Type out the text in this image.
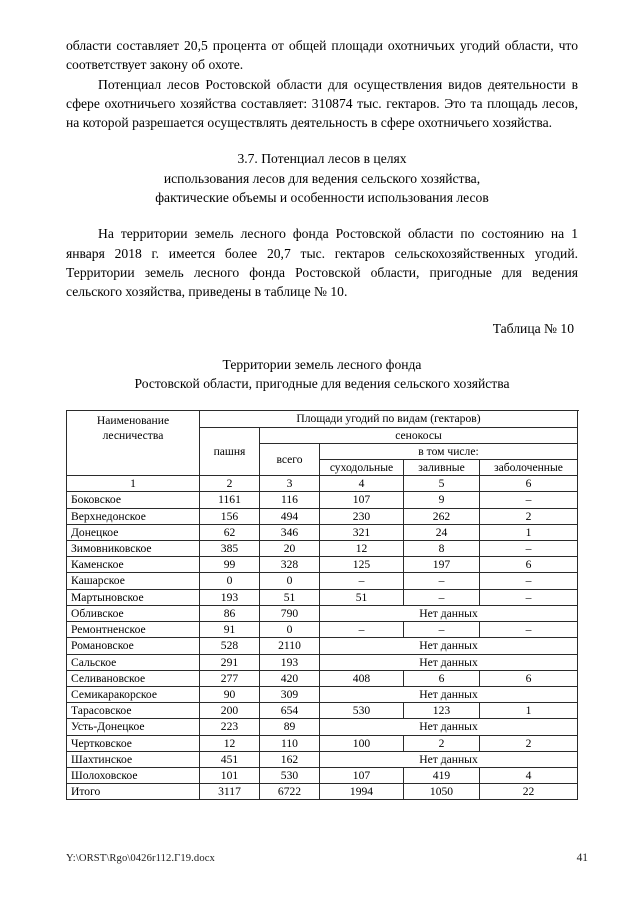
области составляет 20,5 процента от общей площади охотничьих угодий области, что соответствует закону об охоте.

Потенциал лесов Ростовской области для осуществления видов деятельности в сфере охотничьего хозяйства составляет: 310874 тыс. гектаров. Это та площадь лесов, на которой разрешается осуществлять деятельность в сфере охотничьего хозяйства.

3.7. Потенциал лесов в целях

использования лесов для ведения сельского хозяйства,

фактические объемы и особенности использования лесов

На территории земель лесного фонда Ростовской области по состоянию на 1 января 2018 г. имеется более 20,7 тыс. гектаров сельскохозяйственных угодий. Территории земель лесного фонда Ростовской области, пригодные для ведения сельского хозяйства, приведены в таблице № 10.

Таблица № 10

Территории земель лесного фонда

Ростовской области, пригодные для ведения сельского хозяйства

Наименование лесничества	Площади угодий по видам (гектаров)					
	пашня	сенокосы	
		всего	в том числе:			
			суходольные	заливные	заболоченные	
1	2	3	4	5	6	
Боковское	1161	116	107	9	–	
Верхнедонское	156	494	230	262	2	
Донецкое	62	346	321	24	1	
Зимовниковское	385	20	12	8	–	
Каменское	99	328	125	197	6	
Кашарское	0	0	–	–	–	
Мартыновское	193	51	51	–	–	
Обливское	86	790	Нет данных	
Ремонтненское	91	0	–	–	–	
Романовское	528	2110	Нет данных	
Сальское	291	193	Нет данных	
Селивановское	277	420	408	6	6	
Семикаракорское	90	309	Нет данных	
Тарасовское	200	654	530	123	1	
Усть-Донецкое	223	89	Нет данных	
Чертковское	12	110	100	2	2	
Шахтинское	451	162	Нет данных	
Шолоховское	101	530	107	419	4	
Итого	3117	6722	1994	1050	22	
Y:\ORST\Rgo\0426r112.Г19.docx	41
